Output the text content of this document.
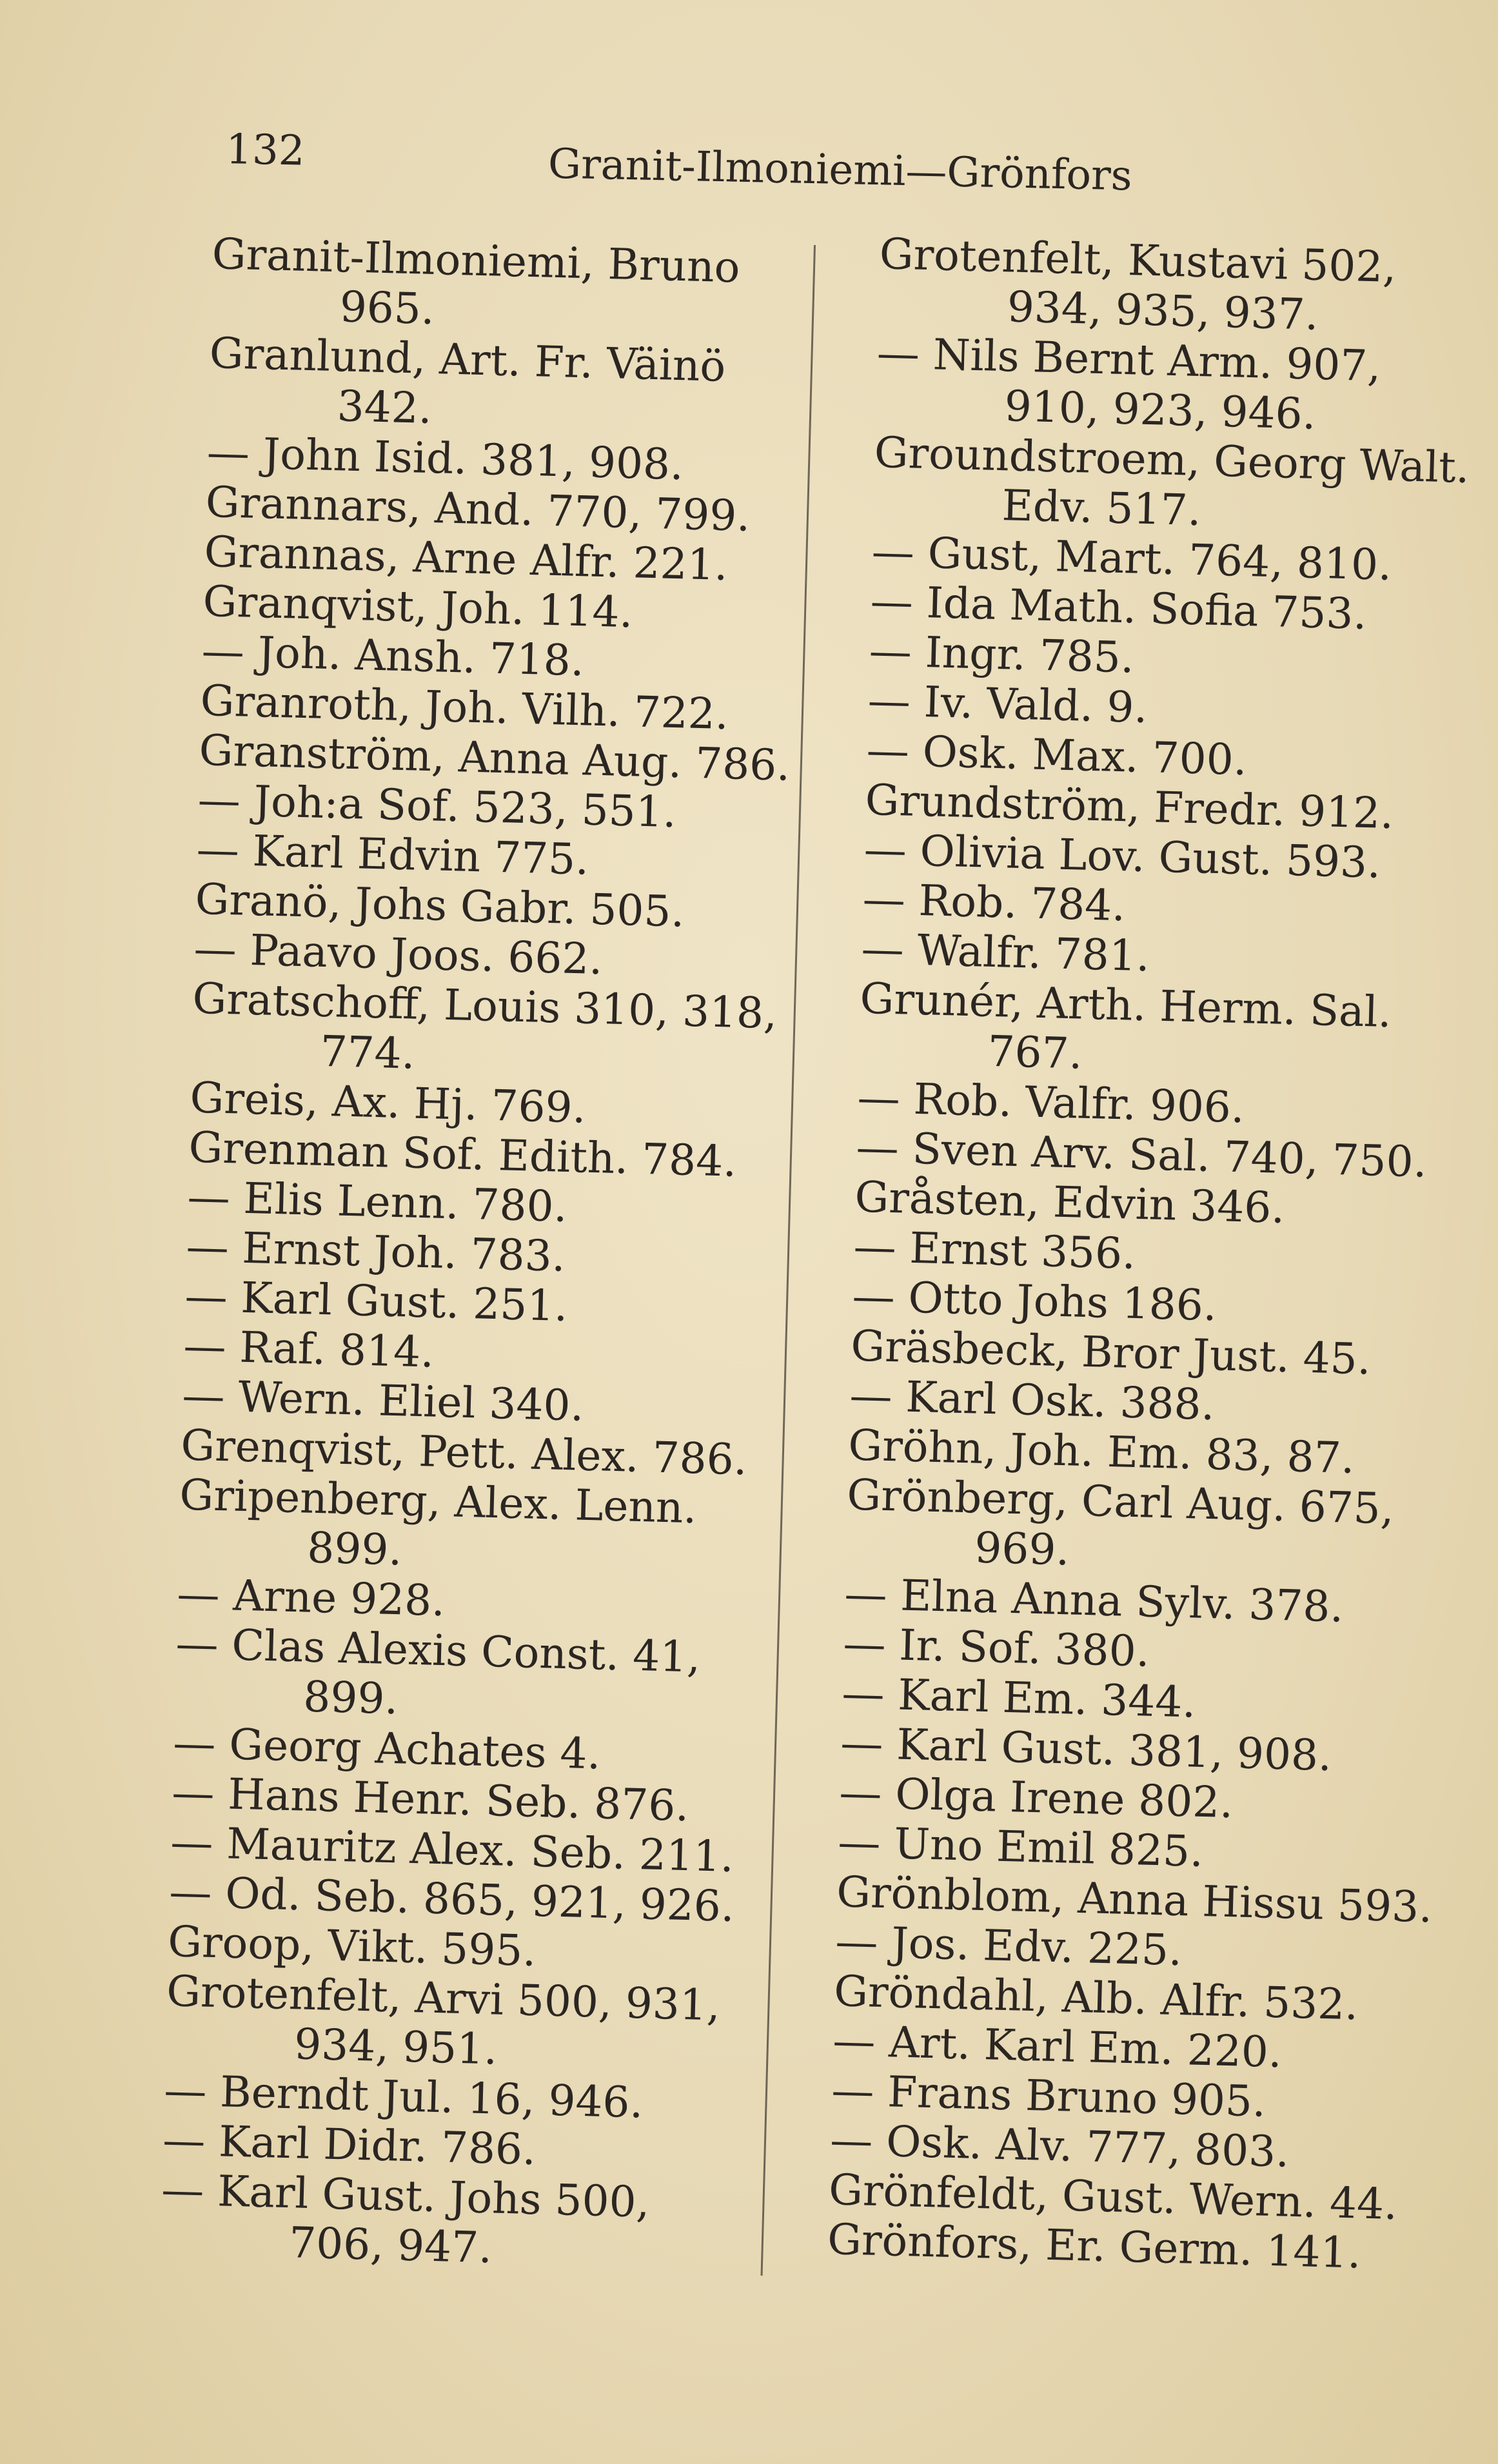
132	Granit-Ilmoniemi—Grönfors
Granit-Ilmoniemi, Bruno
965.
Granlund, Art. Fr. Väinö
342.
— John Isid. 381, 908.
Grannars, And. 770, 799.
Grannas, Arne Alfr. 221.
Granqvist, Joh. 114.
— Joh. Ansh. 718.
Granroth, Joh. Vilh. 722.
Granström, Anna Aug. 786.
— Joh:a Sof. 523, 551.
— Karl Edvin 775.
Granö, Johs Gabr. 505.
— Paavo Joos. 662.
Gratschoff, Louis 310, 318,
774.
Greis, Ax. Hj. 769.
Grenman Sof. Edith. 784.
— Elis Lenn. 780.
— Ernst Joh. 783.
— Karl Gust. 251.
— Raf. 814.
— Wern. Eliel 340.
Grenqvist, Pett. Alex. 786.
Gripenberg, Alex. Lenn.
899.
— Arne 928.
— Clas Alexis Const. 41,
899.
— Georg Achates 4.
— Hans Henr. Seb. 876.
— Mauritz Alex. Seb. 211.
— Od. Seb. 865, 921, 926.
Groop, Vikt. 595.
Grotenfelt, Arvi 500, 931,
934, 951.
— Berndt Jul. 16, 946.
— Karl Didr. 786.
— Karl Gust. Johs 500,
706, 947.
Grotenfelt, Kustavi 502,
934, 935, 937.
— Nils Bernt Arm. 907,
910, 923, 946.
Groundstroem, Georg Walt.
Edv. 517.
— Gust, Mart. 764, 810.
— Ida Math. Sofia 753.
— Ingr. 785.
— Iv. Vald. 9.
— Osk. Max. 700.
Grundström, Fredr. 912.
— Olivia Lov. Gust. 593.
— Rob. 784.
— Walfr. 781.
Grunér, Arth. Herm. Sal.
767.
— Rob. Valfr. 906.
— Sven Arv. Sal. 740, 750.
Gråsten, Edvin 346.
— Ernst 356.
— Otto Johs 186.
Gräsbeck, Bror Just. 45.
— Karl Osk. 388.
Gröhn, Joh. Em. 83, 87.
Grönberg, Carl Aug. 675,
969.
— Elna Anna Sylv. 378.
— Ir. Sof. 380.
— Karl Em. 344.
— Karl Gust. 381, 908.
— Olga Irene 802.
— Uno Emil 825.
Grönblom, Anna Hissu 593.
— Jos. Edv. 225.
Gröndahl, Alb. Alfr. 532.
— Art. Karl Em. 220.
— Frans Bruno 905.
— Osk. Alv. 777, 803.
Grönfeldt, Gust. Wern. 44.
Grönfors, Er. Germ. 141.
